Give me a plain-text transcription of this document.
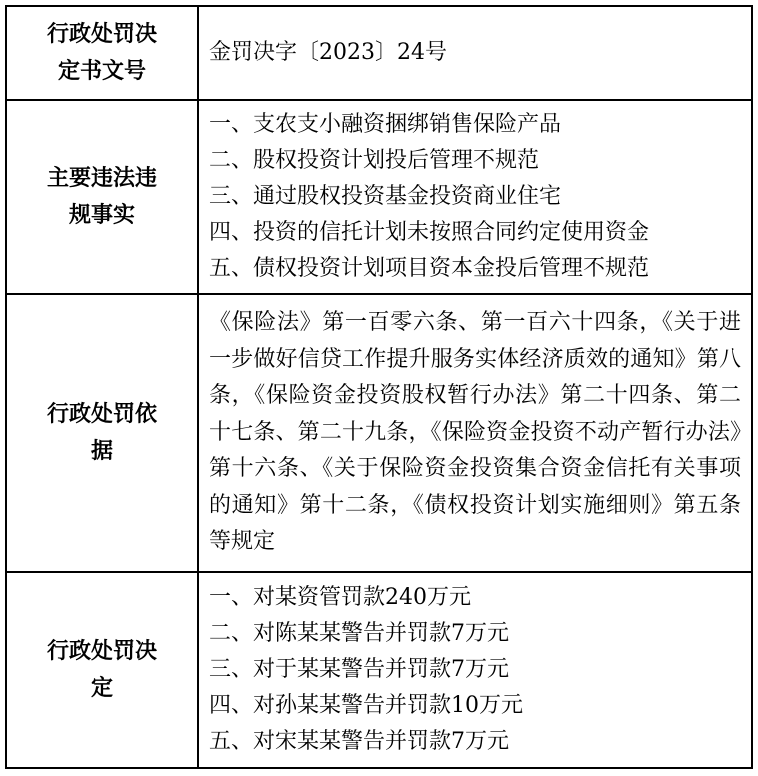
行政处罚决定书文号	金罚决字〔2023〕24号

主要违法违规事实	一、支农支小融资捆绑销售保险产品
二、股权投资计划投后管理不规范
三、通过股权投资基金投资商业住宅
四、投资的信托计划未按照合同约定使用资金
五、债权投资计划项目资本金投后管理不规范

行政处罚依据	《保险法》第一百零六条、第一百六十四条，《关于进一步做好信贷工作提升服务实体经济质效的通知》第八条，《保险资金投资股权暂行办法》第二十四条、第二十七条、第二十九条，《保险资金投资不动产暂行办法》第十六条、《关于保险资金投资集合资金信托有关事项的通知》第十二条，《债权投资计划实施细则》第五条等规定

行政处罚决定	一、对某资管罚款240万元
二、对陈某某警告并罚款7万元
三、对于某某警告并罚款7万元
四、对孙某某警告并罚款10万元
五、对宋某某警告并罚款7万元
